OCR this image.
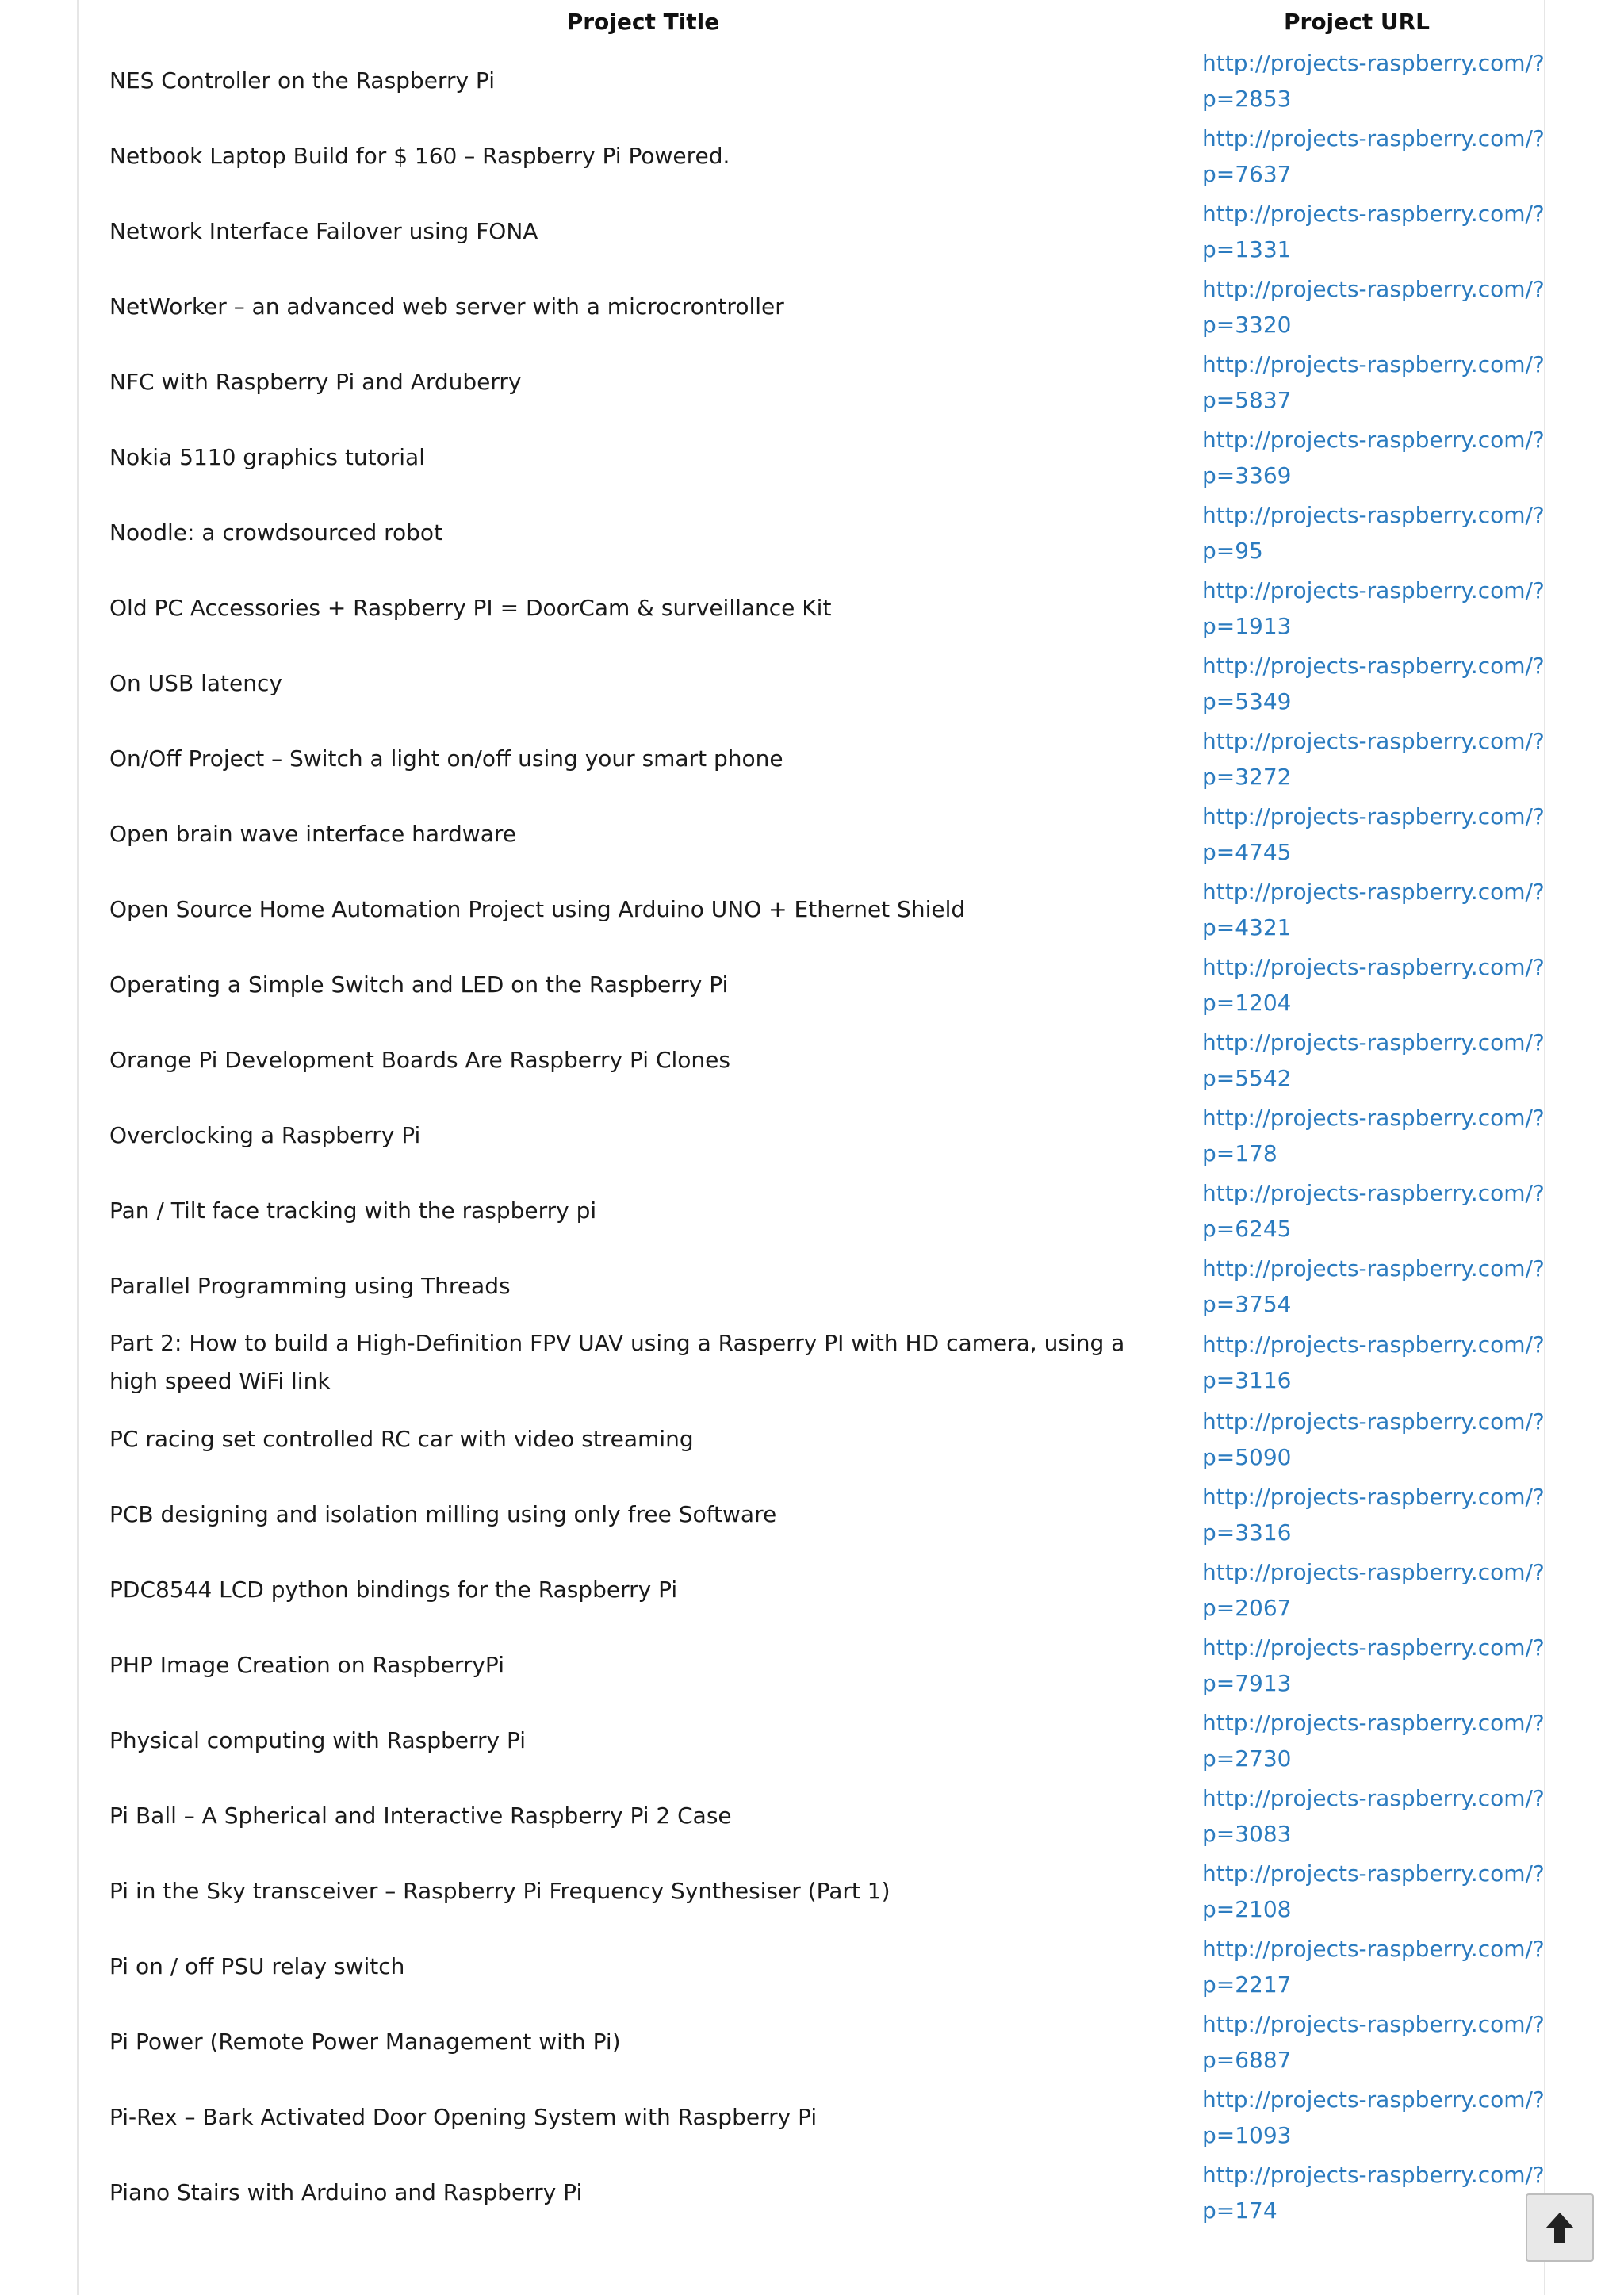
Project Title	Project URL
NES Controller on the Raspberry Pi	http://projects-raspberry.com/?
p=2853

Netbook Laptop Build for $ 160 – Raspberry Pi Powered.	http://projects-raspberry.com/?
p=7637

Network Interface Failover using FONA	http://projects-raspberry.com/?
p=1331

NetWorker – an advanced web server with a microcrontroller	http://projects-raspberry.com/?
p=3320

NFC with Raspberry Pi and Arduberry	http://projects-raspberry.com/?
p=5837

Nokia 5110 graphics tutorial	http://projects-raspberry.com/?
p=3369

Noodle: a crowdsourced robot	http://projects-raspberry.com/?
p=95

Old PC Accessories + Raspberry PI = DoorCam & surveillance Kit	http://projects-raspberry.com/?
p=1913

On USB latency	http://projects-raspberry.com/?
p=5349

On/Off Project – Switch a light on/off using your smart phone	http://projects-raspberry.com/?
p=3272

Open brain wave interface hardware	http://projects-raspberry.com/?
p=4745

Open Source Home Automation Project using Arduino UNO + Ethernet Shield	http://projects-raspberry.com/?
p=4321

Operating a Simple Switch and LED on the Raspberry Pi	http://projects-raspberry.com/?
p=1204

Orange Pi Development Boards Are Raspberry Pi Clones	http://projects-raspberry.com/?
p=5542

Overclocking a Raspberry Pi	http://projects-raspberry.com/?
p=178

Pan / Tilt face tracking with the raspberry pi	http://projects-raspberry.com/?
p=6245

Parallel Programming using Threads	http://projects-raspberry.com/?
p=3754

Part 2: How to build a High-Definition FPV UAV using a Rasperry PI with HD camera, using a high speed WiFi link	http://projects-raspberry.com/?
p=3116

PC racing set controlled RC car with video streaming	http://projects-raspberry.com/?
p=5090

PCB designing and isolation milling using only free Software	http://projects-raspberry.com/?
p=3316

PDC8544 LCD python bindings for the Raspberry Pi	http://projects-raspberry.com/?
p=2067

PHP Image Creation on RaspberryPi	http://projects-raspberry.com/?
p=7913

Physical computing with Raspberry Pi	http://projects-raspberry.com/?
p=2730

Pi Ball – A Spherical and Interactive Raspberry Pi 2 Case	http://projects-raspberry.com/?
p=3083

Pi in the Sky transceiver – Raspberry Pi Frequency Synthesiser (Part 1)	http://projects-raspberry.com/?
p=2108

Pi on / off PSU relay switch	http://projects-raspberry.com/?
p=2217

Pi Power (Remote Power Management with Pi)	http://projects-raspberry.com/?
p=6887

Pi-Rex – Bark Activated Door Opening System with Raspberry Pi	http://projects-raspberry.com/?
p=1093

Piano Stairs with Arduino and Raspberry Pi	http://projects-raspberry.com/?
p=174
